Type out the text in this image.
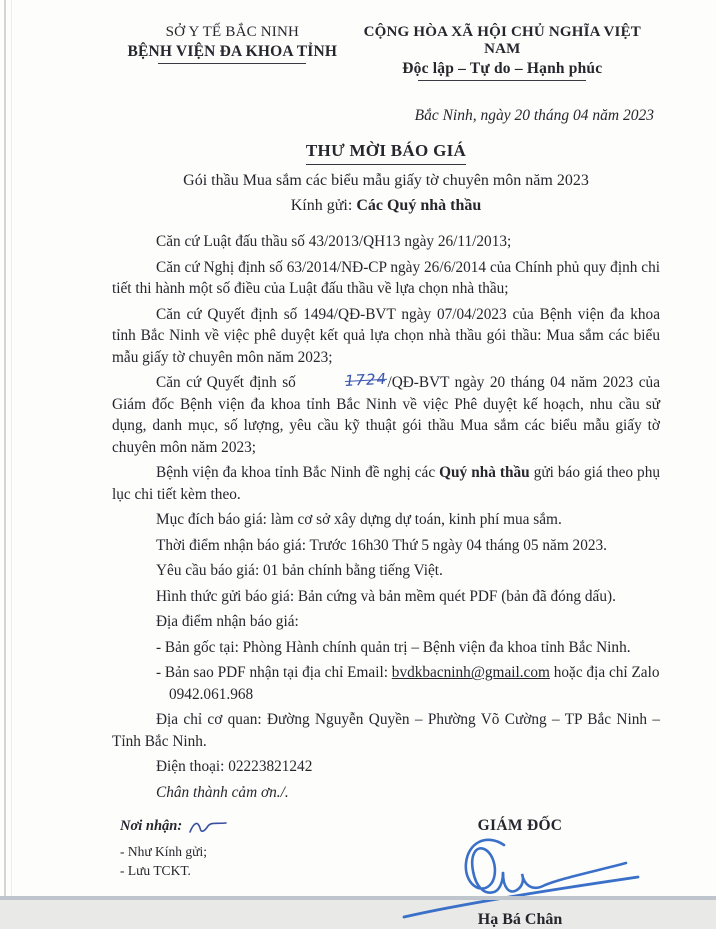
SỞ Y TẾ BẮC NINH
BỆNH VIỆN ĐA KHOA TỈNH
CỘNG HÒA XÃ HỘI CHỦ NGHĨA VIỆT NAM
Độc lập – Tự do – Hạnh phúc
Bắc Ninh, ngày 20 tháng 04 năm 2023
THƯ MỜI BÁO GIÁ
Gói thầu Mua sắm các biểu mẫu giấy tờ chuyên môn năm 2023
Kính gửi: Các Quý nhà thầu

Căn cứ Luật đấu thầu số 43/2013/QH13 ngày 26/11/2013;

Căn cứ Nghị định số 63/2014/NĐ-CP ngày 26/6/2014 của Chính phủ quy định chi tiết thi hành một số điều của Luật đấu thầu về lựa chọn nhà thầu;

Căn cứ Quyết định số 1494/QĐ-BVT ngày 07/04/2023 của Bệnh viện đa khoa tỉnh Bắc Ninh về việc phê duyệt kết quả lựa chọn nhà thầu gói thầu: Mua sắm các biểu mẫu giấy tờ chuyên môn năm 2023;

Căn cứ Quyết định số	1724/QĐ-BVT ngày 20 tháng 04 năm 2023 của Giám đốc Bệnh viện đa khoa tỉnh Bắc Ninh về việc Phê duyệt kế hoạch, nhu cầu sử dụng, danh mục, số lượng, yêu cầu kỹ thuật gói thầu Mua sắm các biểu mẫu giấy tờ chuyên môn năm 2023;

Bệnh viện đa khoa tỉnh Bắc Ninh đề nghị các Quý nhà thầu gửi báo giá theo phụ lục chi tiết kèm theo.

Mục đích báo giá: làm cơ sở xây dựng dự toán, kinh phí mua sắm.

Thời điểm nhận báo giá: Trước 16h30 Thứ 5 ngày 04 tháng 05 năm 2023.

Yêu cầu báo giá: 01 bản chính bằng tiếng Việt.

Hình thức gửi báo giá: Bản cứng và bản mềm quét PDF (bản đã đóng dấu).

Địa điểm nhận báo giá:

- Bản gốc tại: Phòng Hành chính quản trị – Bệnh viện đa khoa tỉnh Bắc Ninh.

- Bản sao PDF nhận tại địa chỉ Email: bvdkbacninh@gmail.com hoặc địa chỉ Zalo 0942.061.968

Địa chỉ cơ quan: Đường Nguyễn Quyền – Phường Võ Cường – TP Bắc Ninh – Tỉnh Bắc Ninh.

Điện thoại: 02223821242

Chân thành cảm ơn./.

Nơi nhận:
- Như Kính gửi;
- Lưu TCKT.
GIÁM ĐỐC
Hạ Bá Chân
